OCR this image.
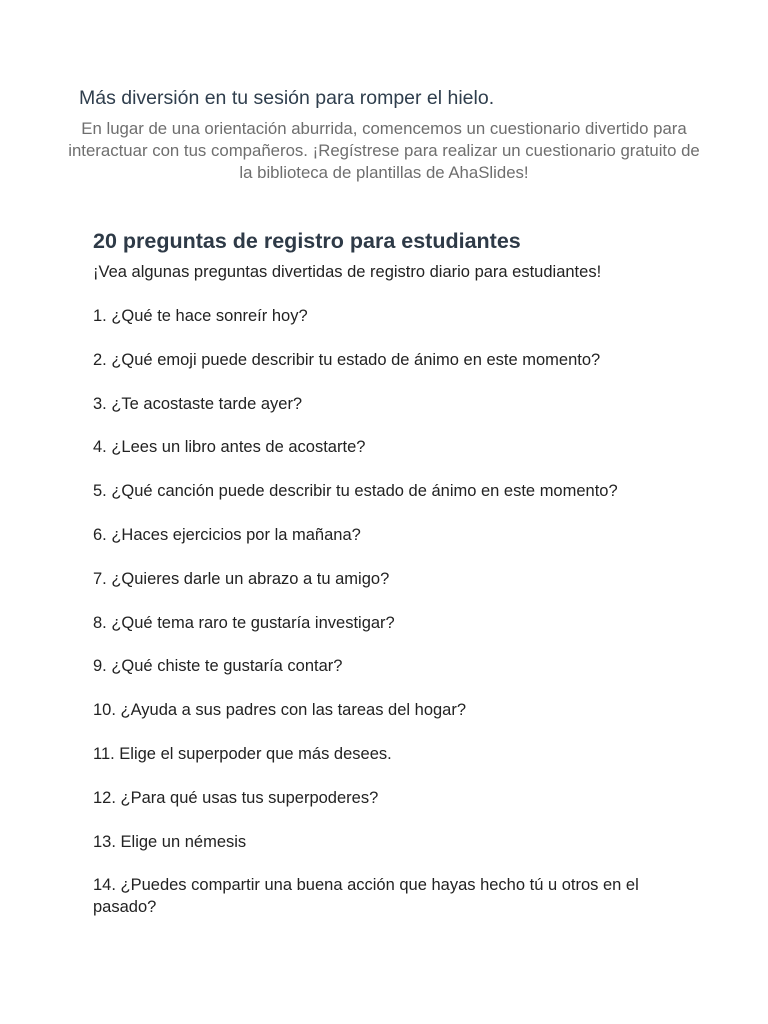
Más diversión en tu sesión para romper el hielo.

En lugar de una orientación aburrida, comencemos un cuestionario divertido para interactuar con tus compañeros. ¡Regístrese para realizar un cuestionario gratuito de la biblioteca de plantillas de AhaSlides!

20 preguntas de registro para estudiantes

¡Vea algunas preguntas divertidas de registro diario para estudiantes!

1. ¿Qué te hace sonreír hoy?
2. ¿Qué emoji puede describir tu estado de ánimo en este momento?
3. ¿Te acostaste tarde ayer?
4. ¿Lees un libro antes de acostarte?
5. ¿Qué canción puede describir tu estado de ánimo en este momento?
6. ¿Haces ejercicios por la mañana?
7. ¿Quieres darle un abrazo a tu amigo?
8. ¿Qué tema raro te gustaría investigar?
9. ¿Qué chiste te gustaría contar?
10. ¿Ayuda a sus padres con las tareas del hogar?
11. Elige el superpoder que más desees.
12. ¿Para qué usas tus superpoderes?
13. Elige un némesis
14. ¿Puedes compartir una buena acción que hayas hecho tú u otros en el pasado?
